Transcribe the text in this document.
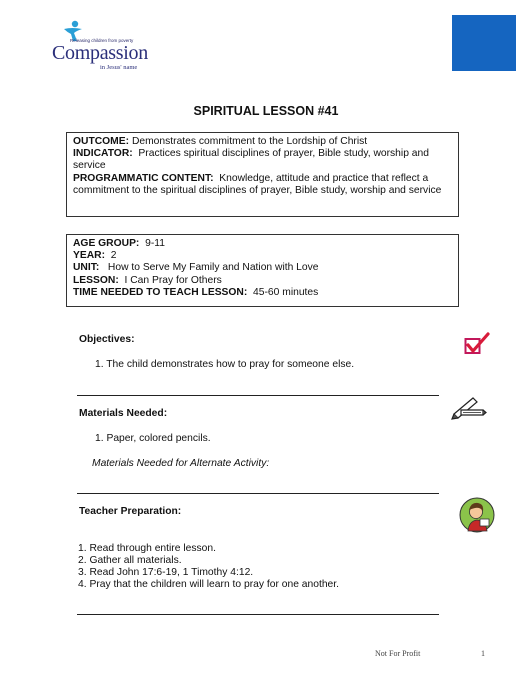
Releasing children from poverty
Compassion
in Jesus' name
SPIRITUAL LESSON #41

OUTCOME: Demonstrates commitment to the Lordship of Christ

INDICATOR: Practices spiritual disciplines of prayer, Bible study, worship and
service

PROGRAMMATIC CONTENT: Knowledge, attitude and practice that reflect a
commitment to the spiritual disciplines of prayer, Bible study, worship and service

AGE GROUP: 9-11

YEAR: 2

UNIT: How to Serve My Family and Nation with Love

LESSON: I Can Pray for Others

TIME NEEDED TO TEACH LESSON: 45-60 minutes

Objectives:
1. The child demonstrates how to pray for someone else.
Materials Needed:
1. Paper, colored pencils.
Materials Needed for Alternate Activity:
Teacher Preparation:
1. Read through entire lesson.
2. Gather all materials.
3. Read John 17:6-19, 1 Timothy 4:12.
4. Pray that the children will learn to pray for one another.
Not For Profit	1
